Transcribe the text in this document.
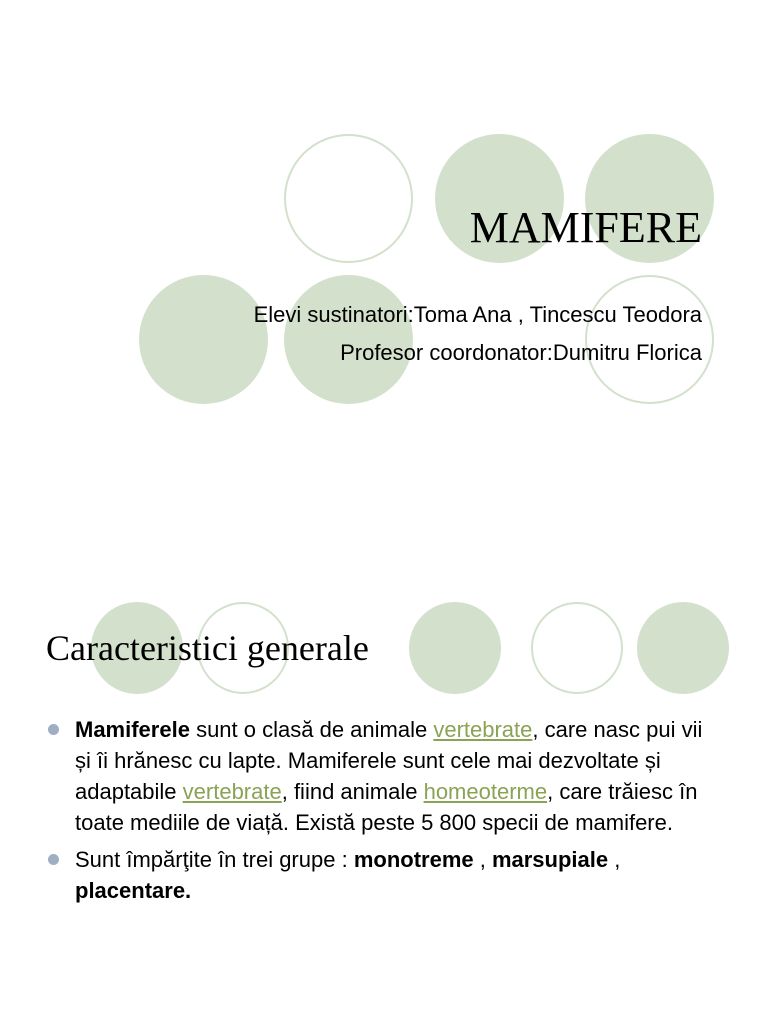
MAMIFERE
Elevi sustinatori:Toma Ana , Tincescu Teodora
Profesor coordonator:Dumitru Florica
Caracteristici generale
Mamiferele sunt o clasă de animale vertebrate, care nasc pui vii și îi hrănesc cu lapte. Mamiferele sunt cele mai dezvoltate și adaptabile vertebrate, fiind animale homeoterme, care trăiesc în toate mediile de viață. Există peste 5 800 specii de mamifere.
Sunt împărţite în trei grupe : monotreme , marsupiale , placentare.
